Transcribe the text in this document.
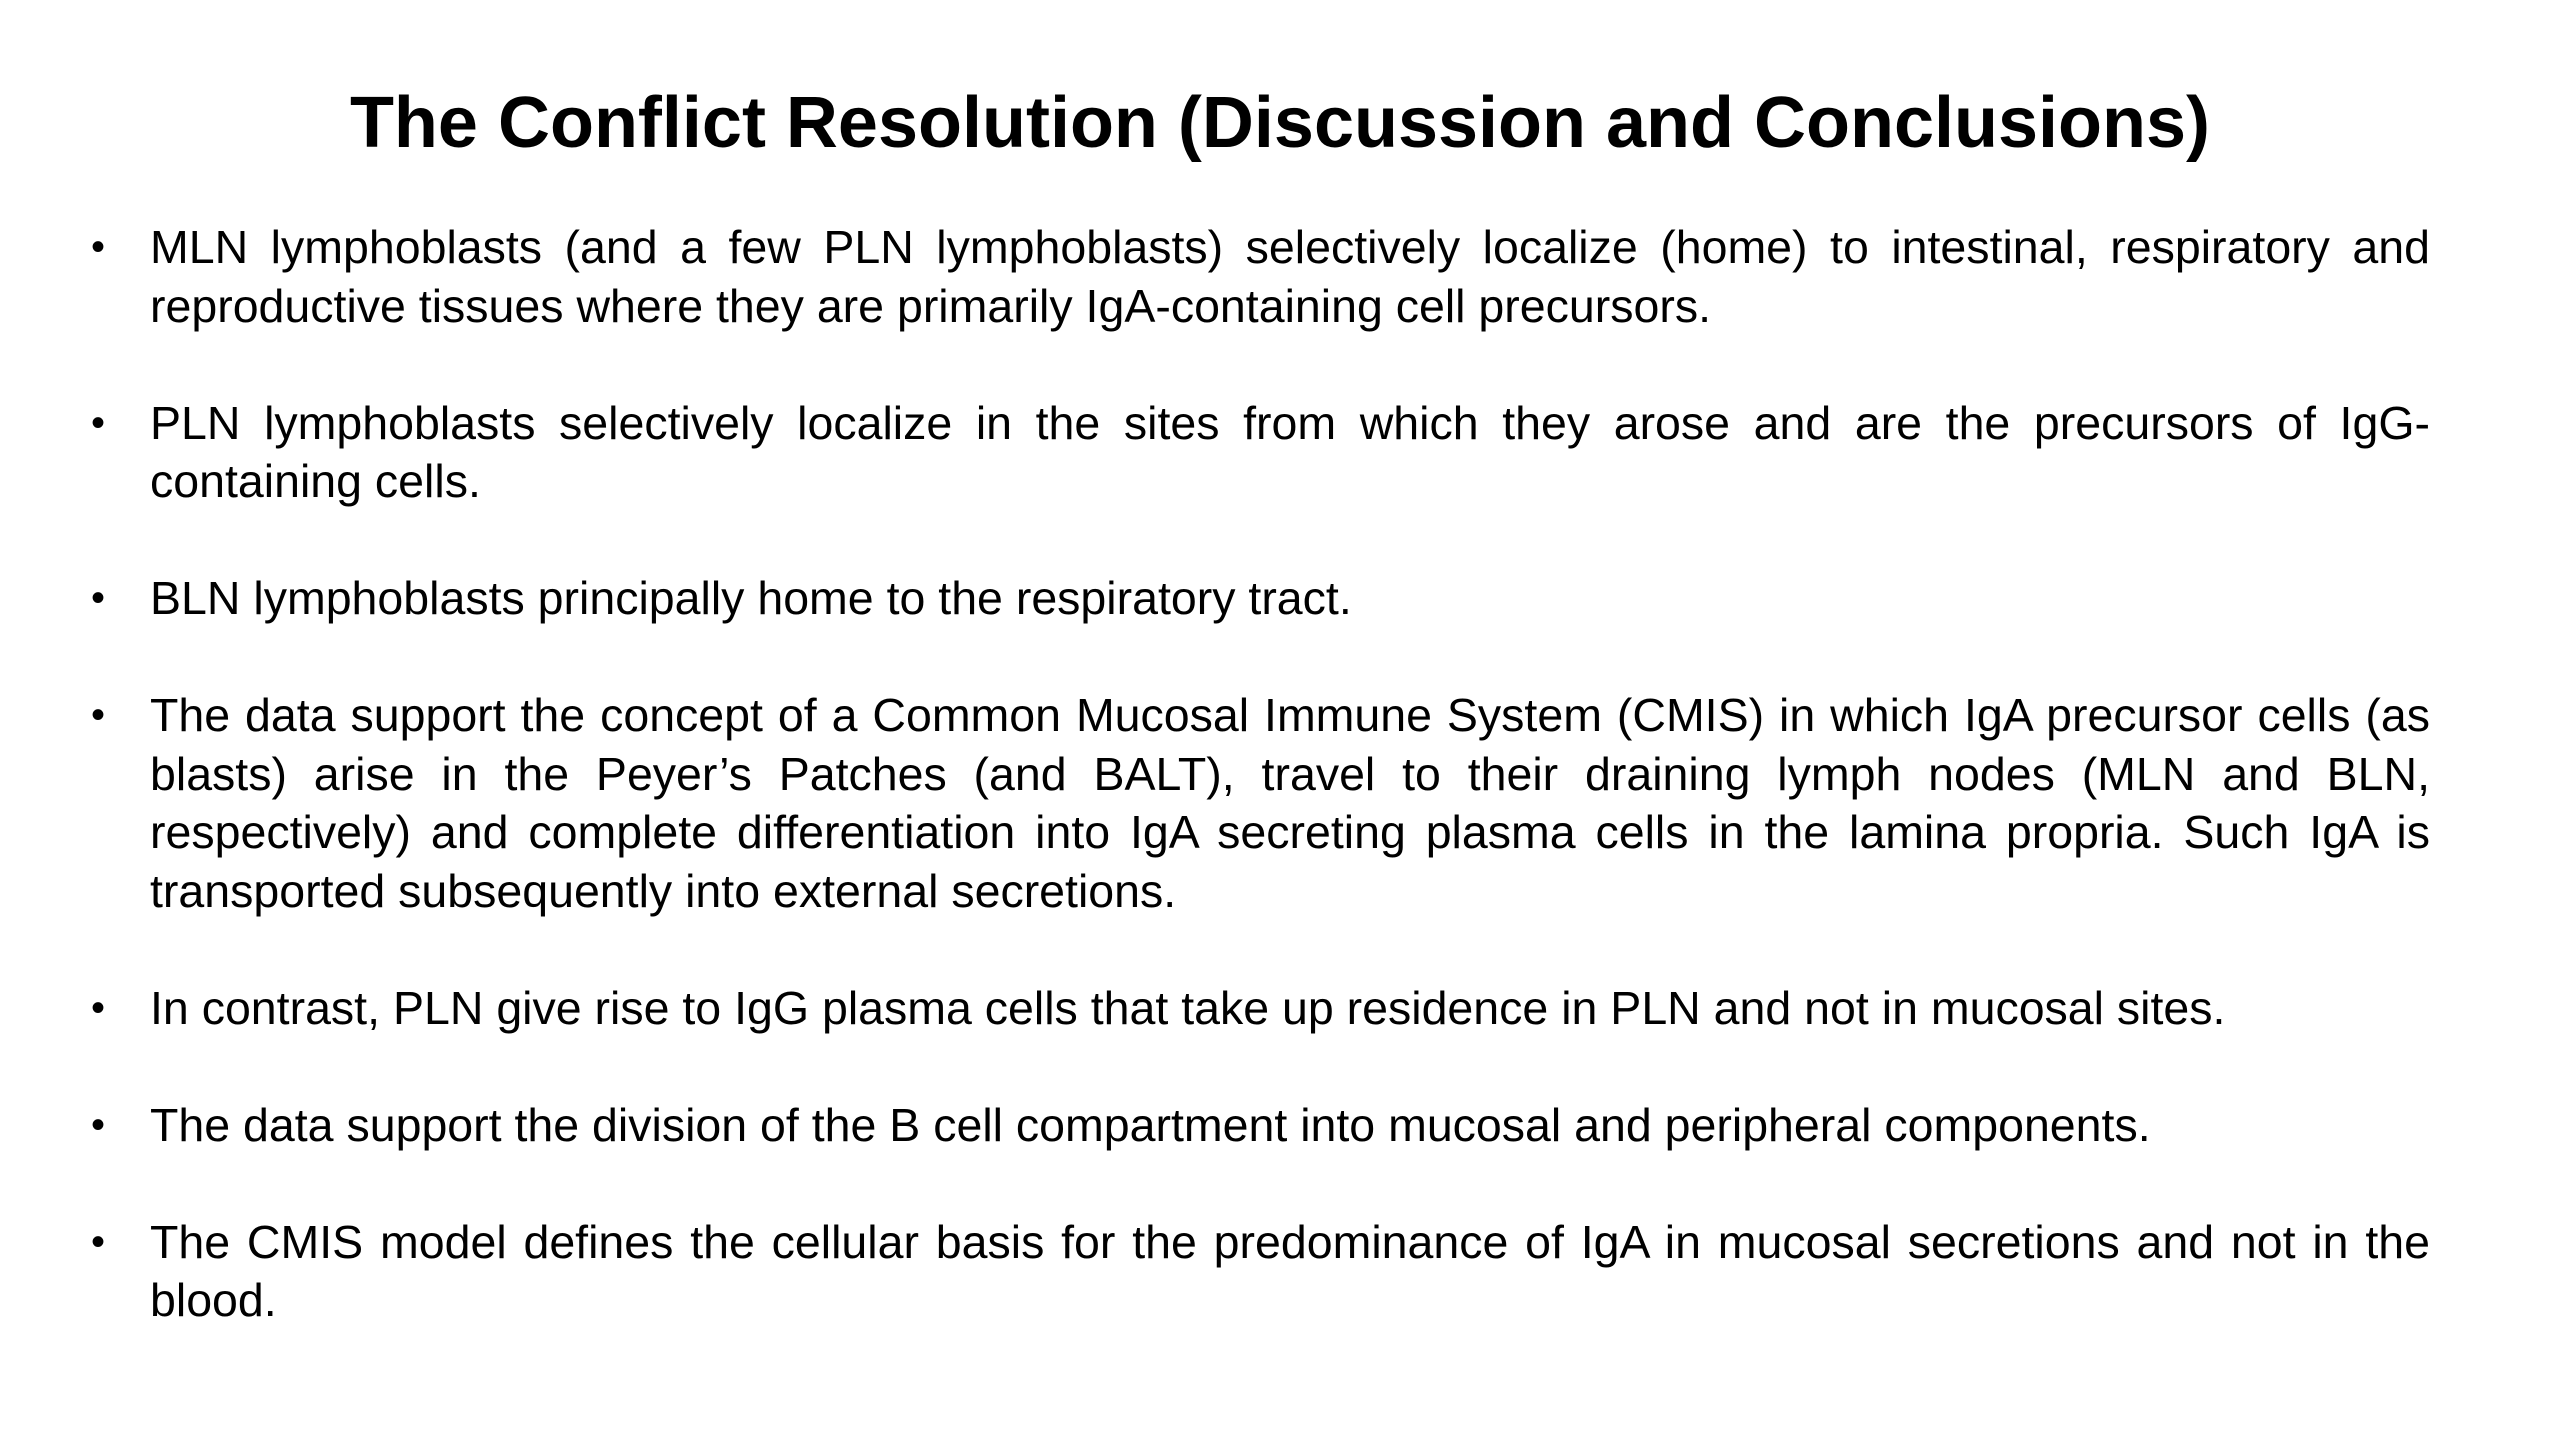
The Conflict Resolution (Discussion and Conclusions)
• MLN lymphoblasts (and a few PLN lymphoblasts) selectively localize (home) to intestinal, respiratory and reproductive tissues where they are primarily IgA-containing cell precursors.
• PLN lymphoblasts selectively localize in the sites from which they arose and are the precursors of IgG-containing cells.
• BLN lymphoblasts principally home to the respiratory tract.
• The data support the concept of a Common Mucosal Immune System (CMIS) in which IgA precursor cells (as blasts) arise in the Peyer’s Patches (and BALT), travel to their draining lymph nodes (MLN and BLN, respectively) and complete differentiation into IgA secreting plasma cells in the lamina propria. Such IgA is transported subsequently into external secretions.
• In contrast, PLN give rise to IgG plasma cells that take up residence in PLN and not in mucosal sites.
• The data support the division of the B cell compartment into mucosal and peripheral components.
• The CMIS model defines the cellular basis for the predominance of IgA in mucosal secretions and not in the blood.
